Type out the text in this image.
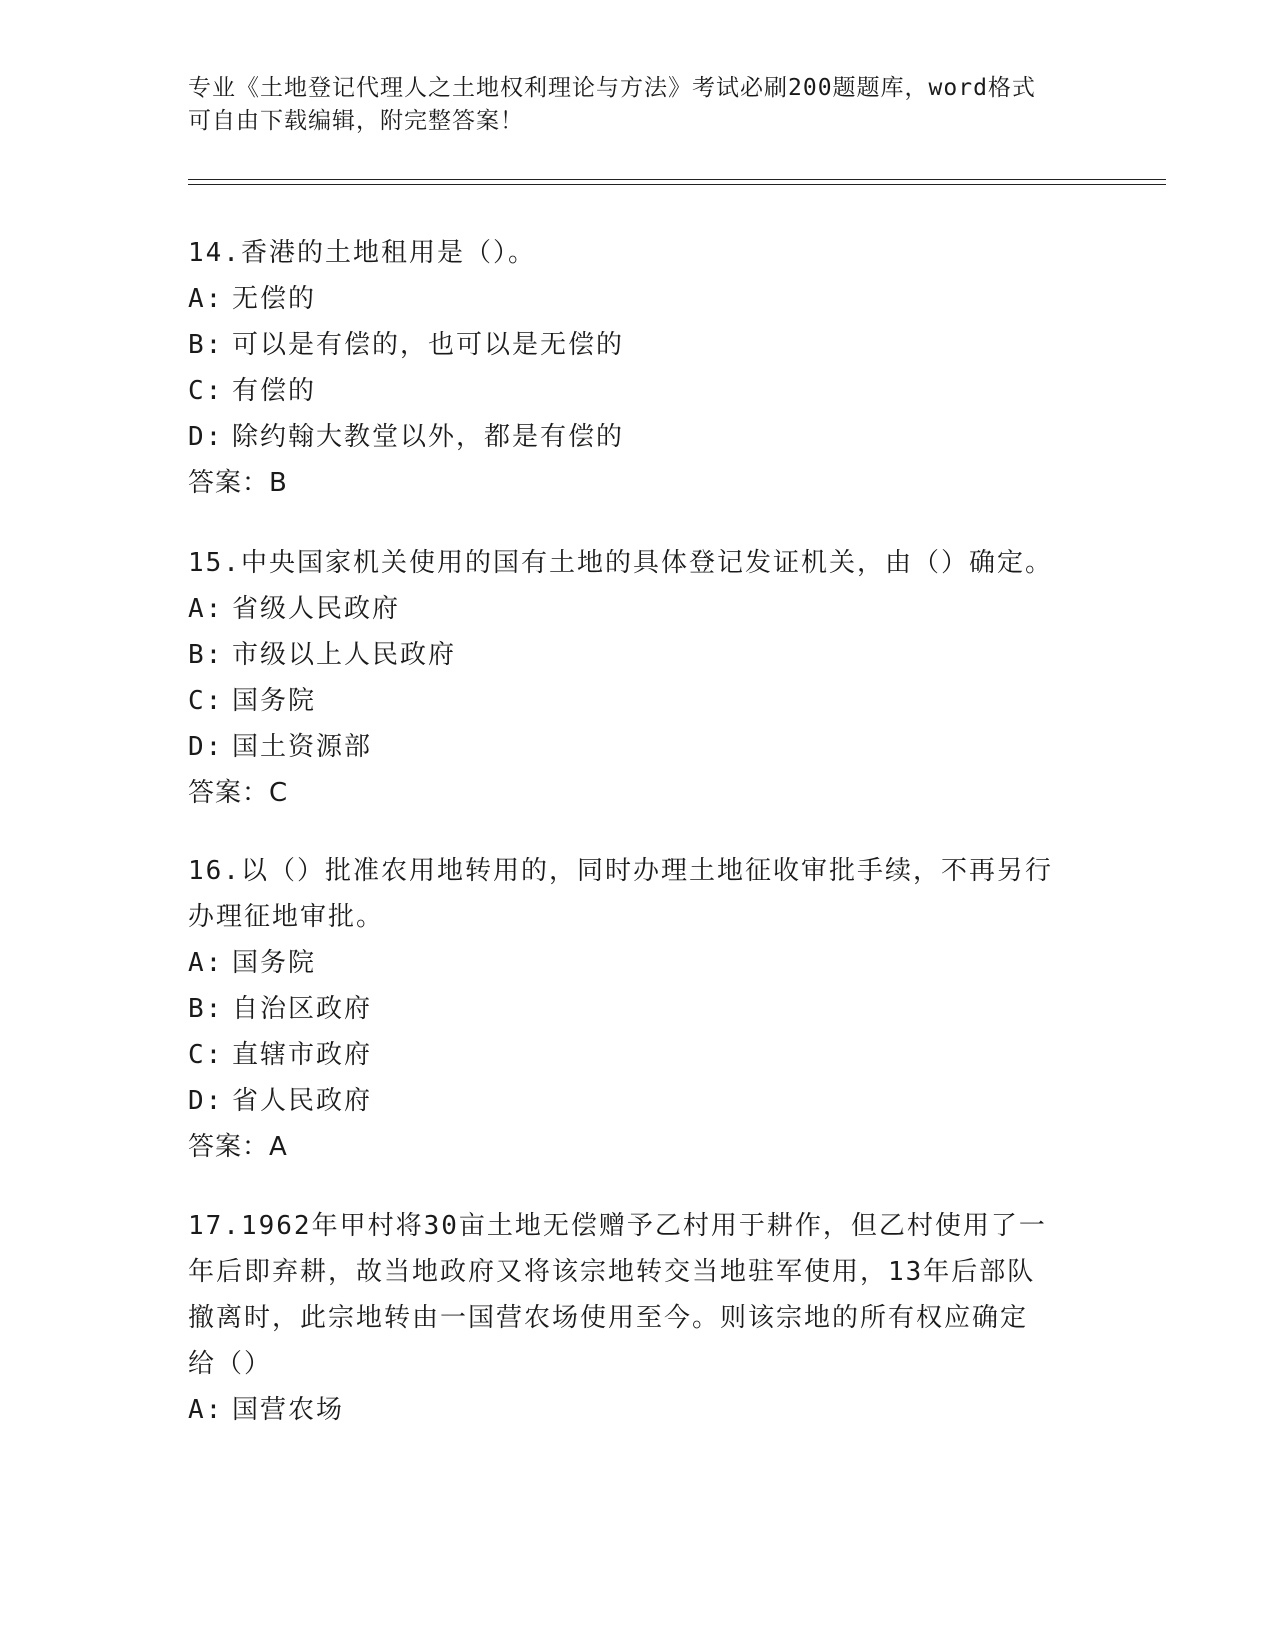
专业《土地登记代理人之土地权利理论与方法》考试必刷200题题库，word格式
可自由下载编辑，附完整答案！
14.香港的土地租用是（）。
A: 无偿的
B: 可以是有偿的，也可以是无偿的
C: 有偿的
D: 除约翰大教堂以外，都是有偿的
答案：B
15.中央国家机关使用的国有土地的具体登记发证机关，由（）确定。
A: 省级人民政府
B: 市级以上人民政府
C: 国务院
D: 国土资源部
答案：C
16.以（）批准农用地转用的，同时办理土地征收审批手续，不再另行
办理征地审批。
A: 国务院
B: 自治区政府
C: 直辖市政府
D: 省人民政府
答案：A
17.1962年甲村将30亩土地无偿赠予乙村用于耕作，但乙村使用了一
年后即弃耕，故当地政府又将该宗地转交当地驻军使用，13年后部队
撤离时，此宗地转由一国营农场使用至今。则该宗地的所有权应确定
给（）
A: 国营农场
